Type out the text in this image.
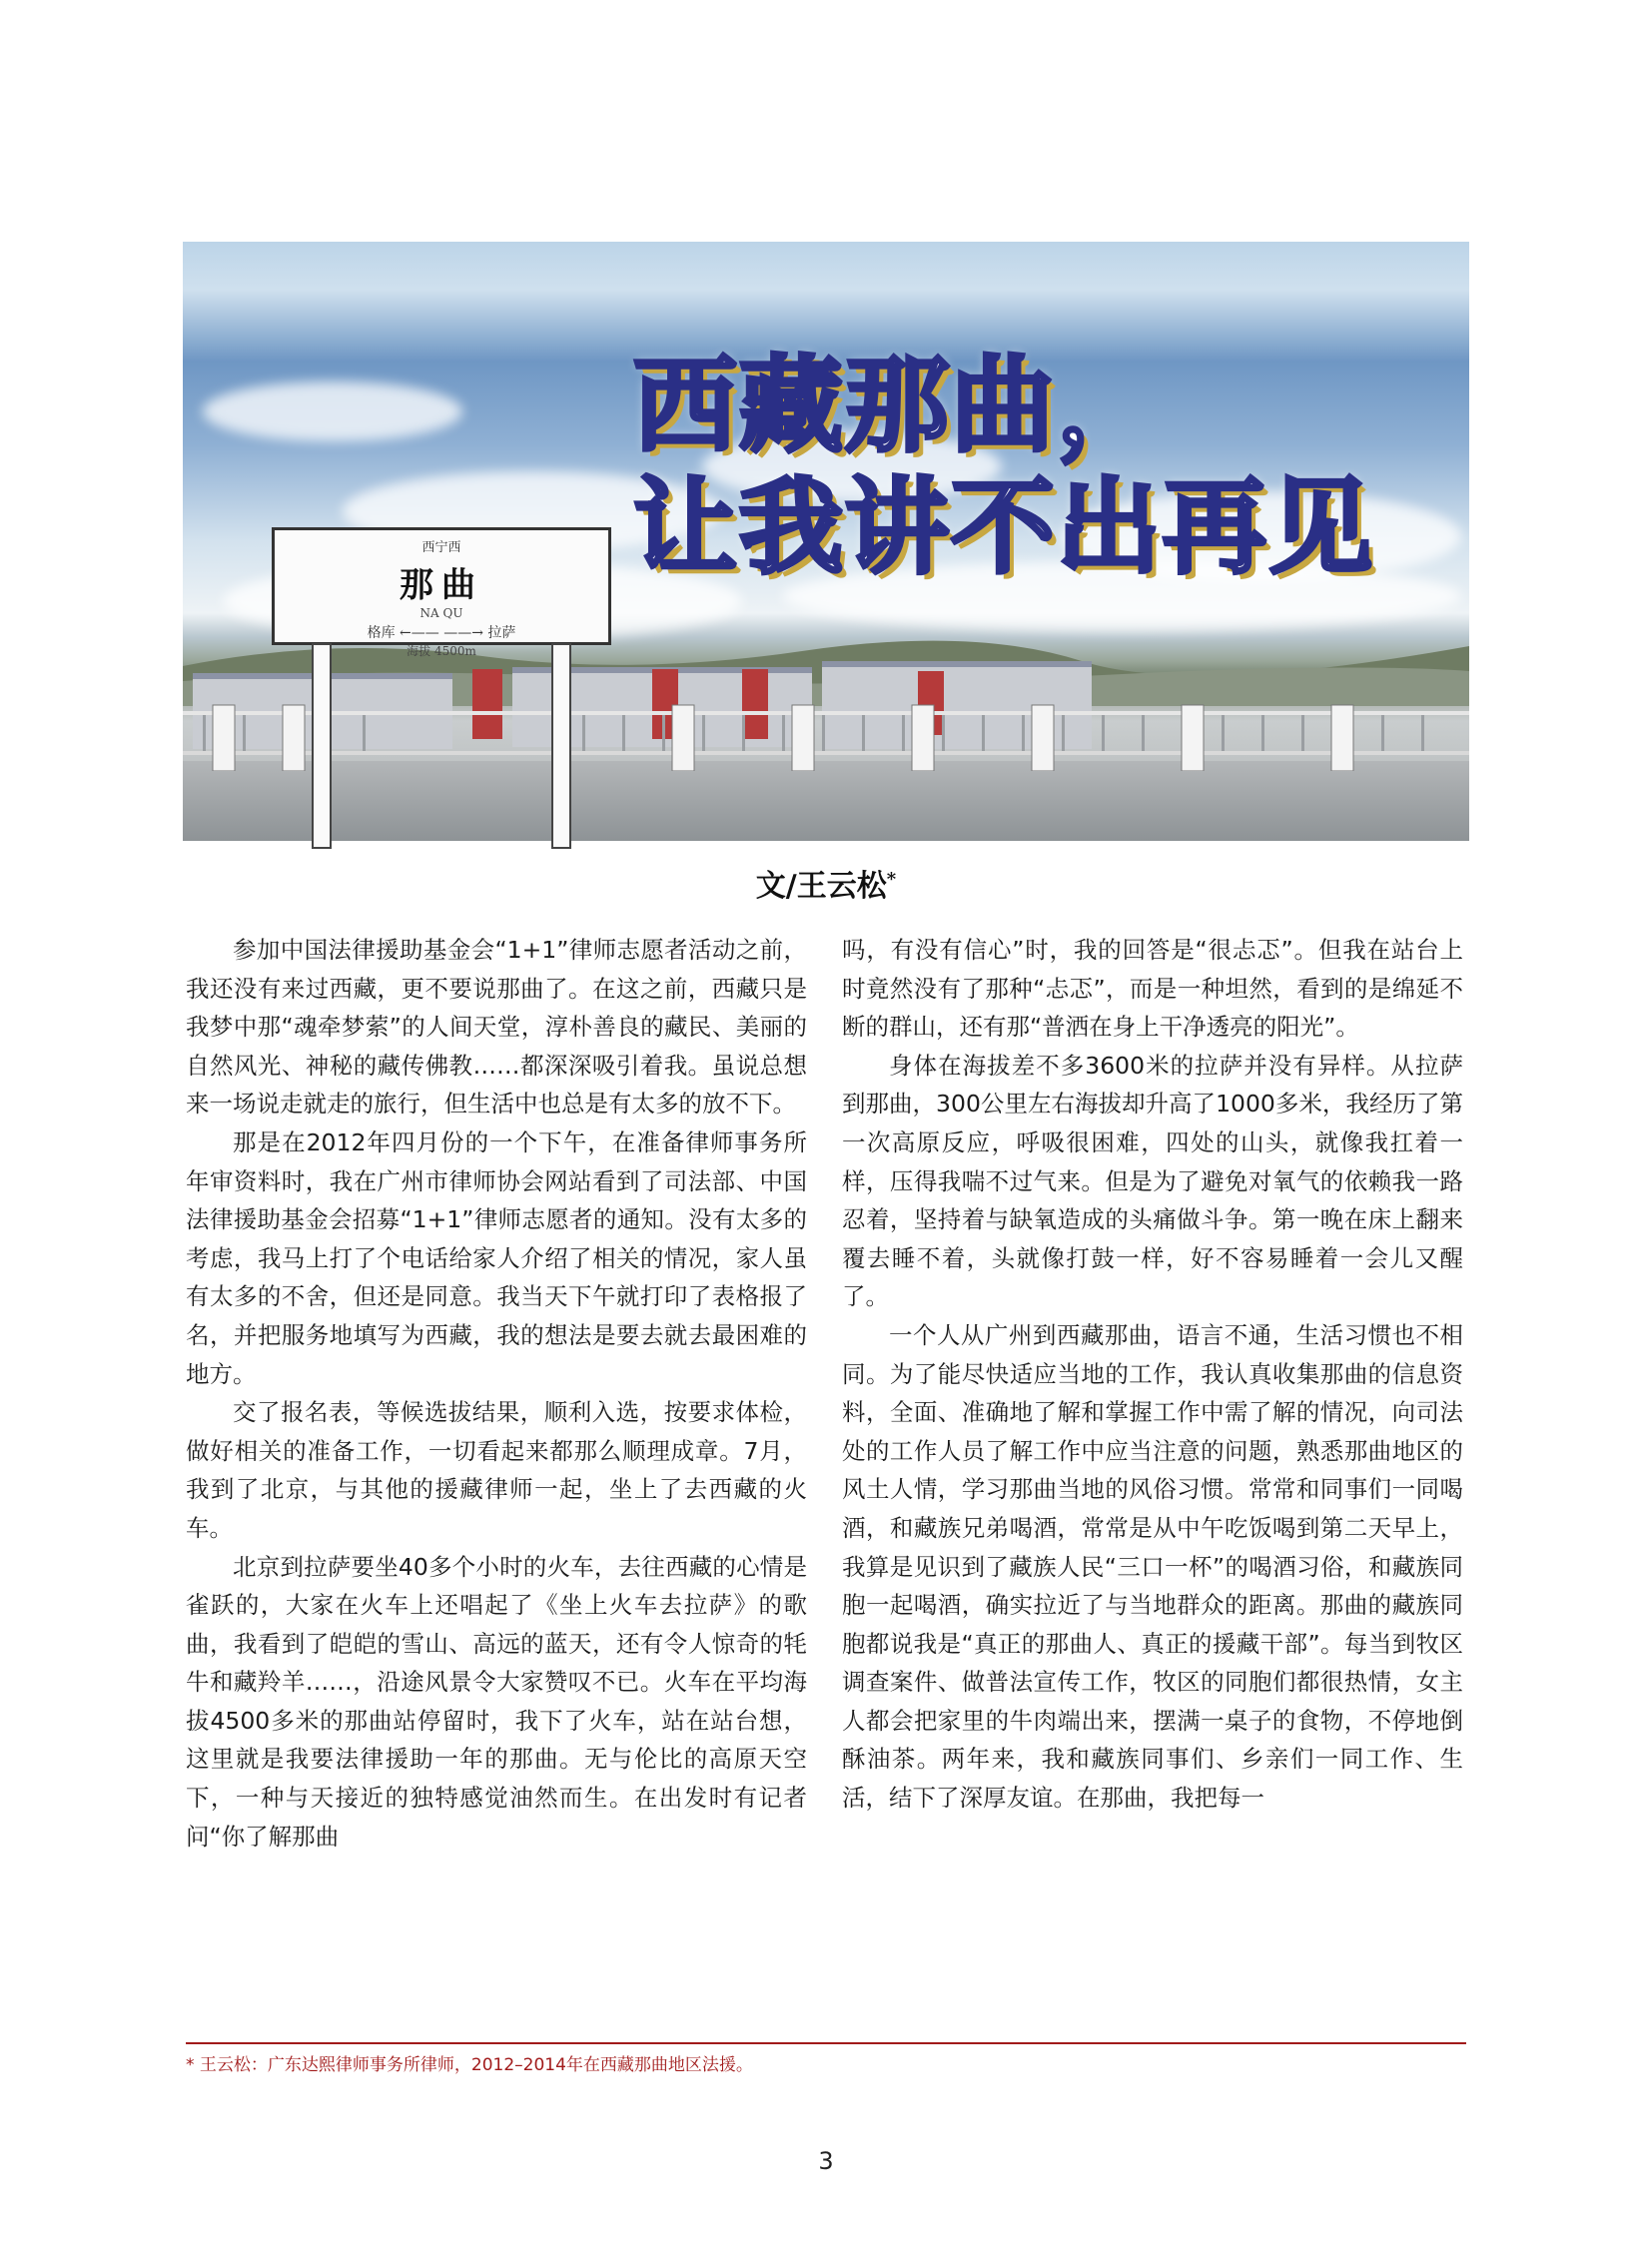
西宁西
那曲
NA QU
格库 ←—— ——→ 拉萨
海拔 4500m
西藏那曲，
让我讲不出再见

文/王云松*

参加中国法律援助基金会“1+1”律师志愿者活动之前，我还没有来过西藏，更不要说那曲了。在这之前，西藏只是我梦中那“魂牵梦萦”的人间天堂，淳朴善良的藏民、美丽的自然风光、神秘的藏传佛教……都深深吸引着我。虽说总想来一场说走就走的旅行，但生活中也总是有太多的放不下。

那是在2012年四月份的一个下午，在准备律师事务所年审资料时，我在广州市律师协会网站看到了司法部、中国法律援助基金会招募“1+1”律师志愿者的通知。没有太多的考虑，我马上打了个电话给家人介绍了相关的情况，家人虽有太多的不舍，但还是同意。我当天下午就打印了表格报了名，并把服务地填写为西藏，我的想法是要去就去最困难的地方。

交了报名表，等候选拔结果，顺利入选，按要求体检，做好相关的准备工作，一切看起来都那么顺理成章。7月，我到了北京，与其他的援藏律师一起，坐上了去西藏的火车。

北京到拉萨要坐40多个小时的火车，去往西藏的心情是雀跃的，大家在火车上还唱起了《坐上火车去拉萨》的歌曲，我看到了皑皑的雪山、高远的蓝天，还有令人惊奇的牦牛和藏羚羊……，沿途风景令大家赞叹不已。火车在平均海拔4500多米的那曲站停留时，我下了火车，站在站台想，这里就是我要法律援助一年的那曲。无与伦比的高原天空下，一种与天接近的独特感觉油然而生。在出发时有记者问“你了解那曲

吗，有没有信心”时，我的回答是“很忐忑”。但我在站台上时竟然没有了那种“忐忑”，而是一种坦然，看到的是绵延不断的群山，还有那“普洒在身上干净透亮的阳光”。

身体在海拔差不多3600米的拉萨并没有异样。从拉萨到那曲，300公里左右海拔却升高了1000多米，我经历了第一次高原反应，呼吸很困难，四处的山头，就像我扛着一样，压得我喘不过气来。但是为了避免对氧气的依赖我一路忍着，坚持着与缺氧造成的头痛做斗争。第一晚在床上翻来覆去睡不着，头就像打鼓一样，好不容易睡着一会儿又醒了。

一个人从广州到西藏那曲，语言不通，生活习惯也不相同。为了能尽快适应当地的工作，我认真收集那曲的信息资料，全面、准确地了解和掌握工作中需了解的情况，向司法处的工作人员了解工作中应当注意的问题，熟悉那曲地区的风土人情，学习那曲当地的风俗习惯。常常和同事们一同喝酒，和藏族兄弟喝酒，常常是从中午吃饭喝到第二天早上，我算是见识到了藏族人民“三口一杯”的喝酒习俗，和藏族同胞一起喝酒，确实拉近了与当地群众的距离。那曲的藏族同胞都说我是“真正的那曲人、真正的援藏干部”。每当到牧区调查案件、做普法宣传工作，牧区的同胞们都很热情，女主人都会把家里的牛肉端出来，摆满一桌子的食物，不停地倒酥油茶。两年来，我和藏族同事们、乡亲们一同工作、生活，结下了深厚友谊。在那曲，我把每一

* 王云松：广东达熙律师事务所律师，2012–2014年在西藏那曲地区法援。

3
